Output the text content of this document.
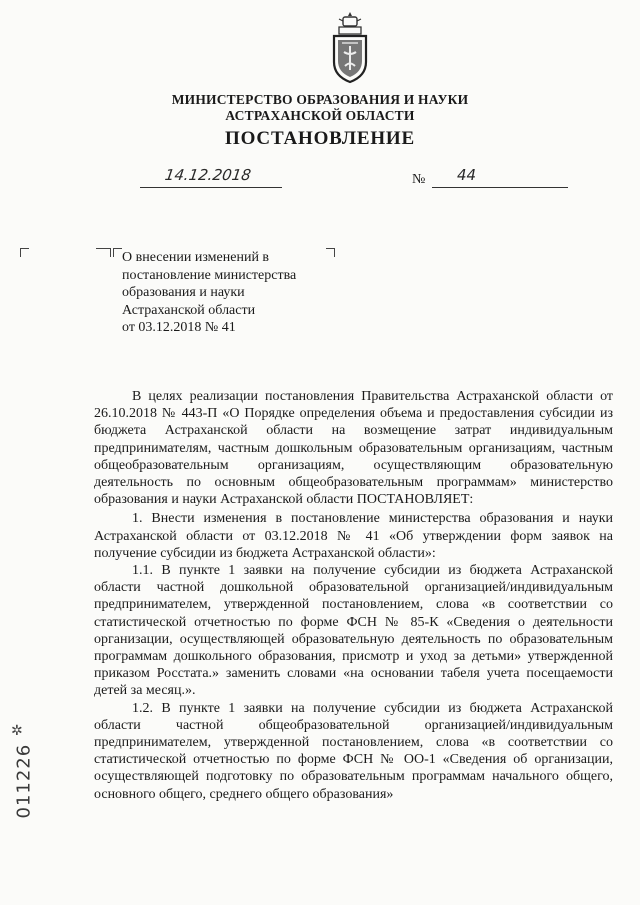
МИНИСТЕРСТВО ОБРАЗОВАНИЯ И НАУКИ
АСТРАХАНСКОЙ ОБЛАСТИ
ПОСТАНОВЛЕНИЕ
14.12.2018	№ 44
О внесении изменений в
постановление министерства
образования и науки
Астраханской области
от 03.12.2018 № 41

В целях реализации постановления Правительства Астраханской области от 26.10.2018 № 443-П «О Порядке определения объема и предоставления субсидии из бюджета Астраханской области на возмещение затрат индивидуальным предпринимателям, частным дошкольным образовательным организациям, частным общеобразовательным организациям, осуществляющим образовательную деятельность по основным общеобразовательным программам» министерство образования и науки Астраханской области ПОСТАНОВЛЯЕТ:

1. Внести изменения в постановление министерства образования и науки Астраханской области от 03.12.2018 № 41 «Об утверждении форм заявок на получение субсидии из бюджета Астраханской области»:

1.1. В пункте 1 заявки на получение субсидии из бюджета Астраханской области частной дошкольной образовательной организацией/индивидуальным предпринимателем, утвержденной постановлением, слова «в соответствии со статистической отчетностью по форме ФСН № 85-К «Сведения о деятельности организации, осуществляющей образовательную деятельность по образовательным программам дошкольного образования, присмотр и уход за детьми» утвержденной приказом Росстата.» заменить словами «на основании табеля учета посещаемости детей за месяц.».

1.2. В пункте 1 заявки на получение субсидии из бюджета Астраханской области частной общеобразовательной организацией/индивидуальным предпринимателем, утвержденной постановлением, слова «в соответствии со статистической отчетностью по форме ФСН № ОО-1 «Сведения об организации, осуществляющей подготовку по образовательным программам начального общего, основного общего, среднего общего образования»

✲
011226
